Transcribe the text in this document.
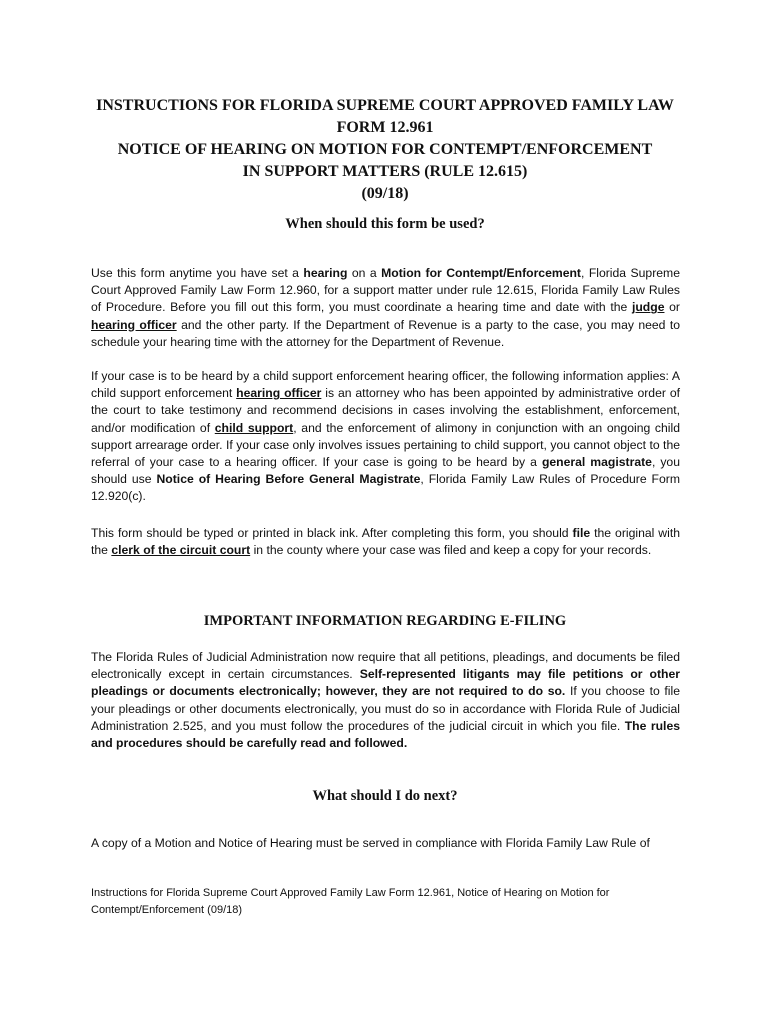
INSTRUCTIONS FOR FLORIDA SUPREME COURT APPROVED FAMILY LAW
FORM 12.961
NOTICE OF HEARING ON MOTION FOR CONTEMPT/ENFORCEMENT
IN SUPPORT MATTERS (RULE 12.615)
(09/18)
When should this form be used?

Use this form anytime you have set a hearing on a Motion for Contempt/Enforcement, Florida Supreme Court Approved Family Law Form 12.960, for a support matter under rule 12.615, Florida Family Law Rules of Procedure. Before you fill out this form, you must coordinate a hearing time and date with the judge or hearing officer and the other party. If the Department of Revenue is a party to the case, you may need to schedule your hearing time with the attorney for the Department of Revenue.

If your case is to be heard by a child support enforcement hearing officer, the following information applies: A child support enforcement hearing officer is an attorney who has been appointed by administrative order of the court to take testimony and recommend decisions in cases involving the establishment, enforcement, and/or modification of child support, and the enforcement of alimony in conjunction with an ongoing child support arrearage order. If your case only involves issues pertaining to child support, you cannot object to the referral of your case to a hearing officer. If your case is going to be heard by a general magistrate, you should use Notice of Hearing Before General Magistrate, Florida Family Law Rules of Procedure Form 12.920(c).

This form should be typed or printed in black ink. After completing this form, you should file the original with the clerk of the circuit court in the county where your case was filed and keep a copy for your records.

IMPORTANT INFORMATION REGARDING E-FILING

The Florida Rules of Judicial Administration now require that all petitions, pleadings, and documents be filed electronically except in certain circumstances. Self-represented litigants may file petitions or other pleadings or documents electronically; however, they are not required to do so. If you choose to file your pleadings or other documents electronically, you must do so in accordance with Florida Rule of Judicial Administration 2.525, and you must follow the procedures of the judicial circuit in which you file. The rules and procedures should be carefully read and followed.

What should I do next?

A copy of a Motion and Notice of Hearing must be served in compliance with Florida Family Law Rule of

Instructions for Florida Supreme Court Approved Family Law Form 12.961, Notice of Hearing on Motion for
Contempt/Enforcement (09/18)
